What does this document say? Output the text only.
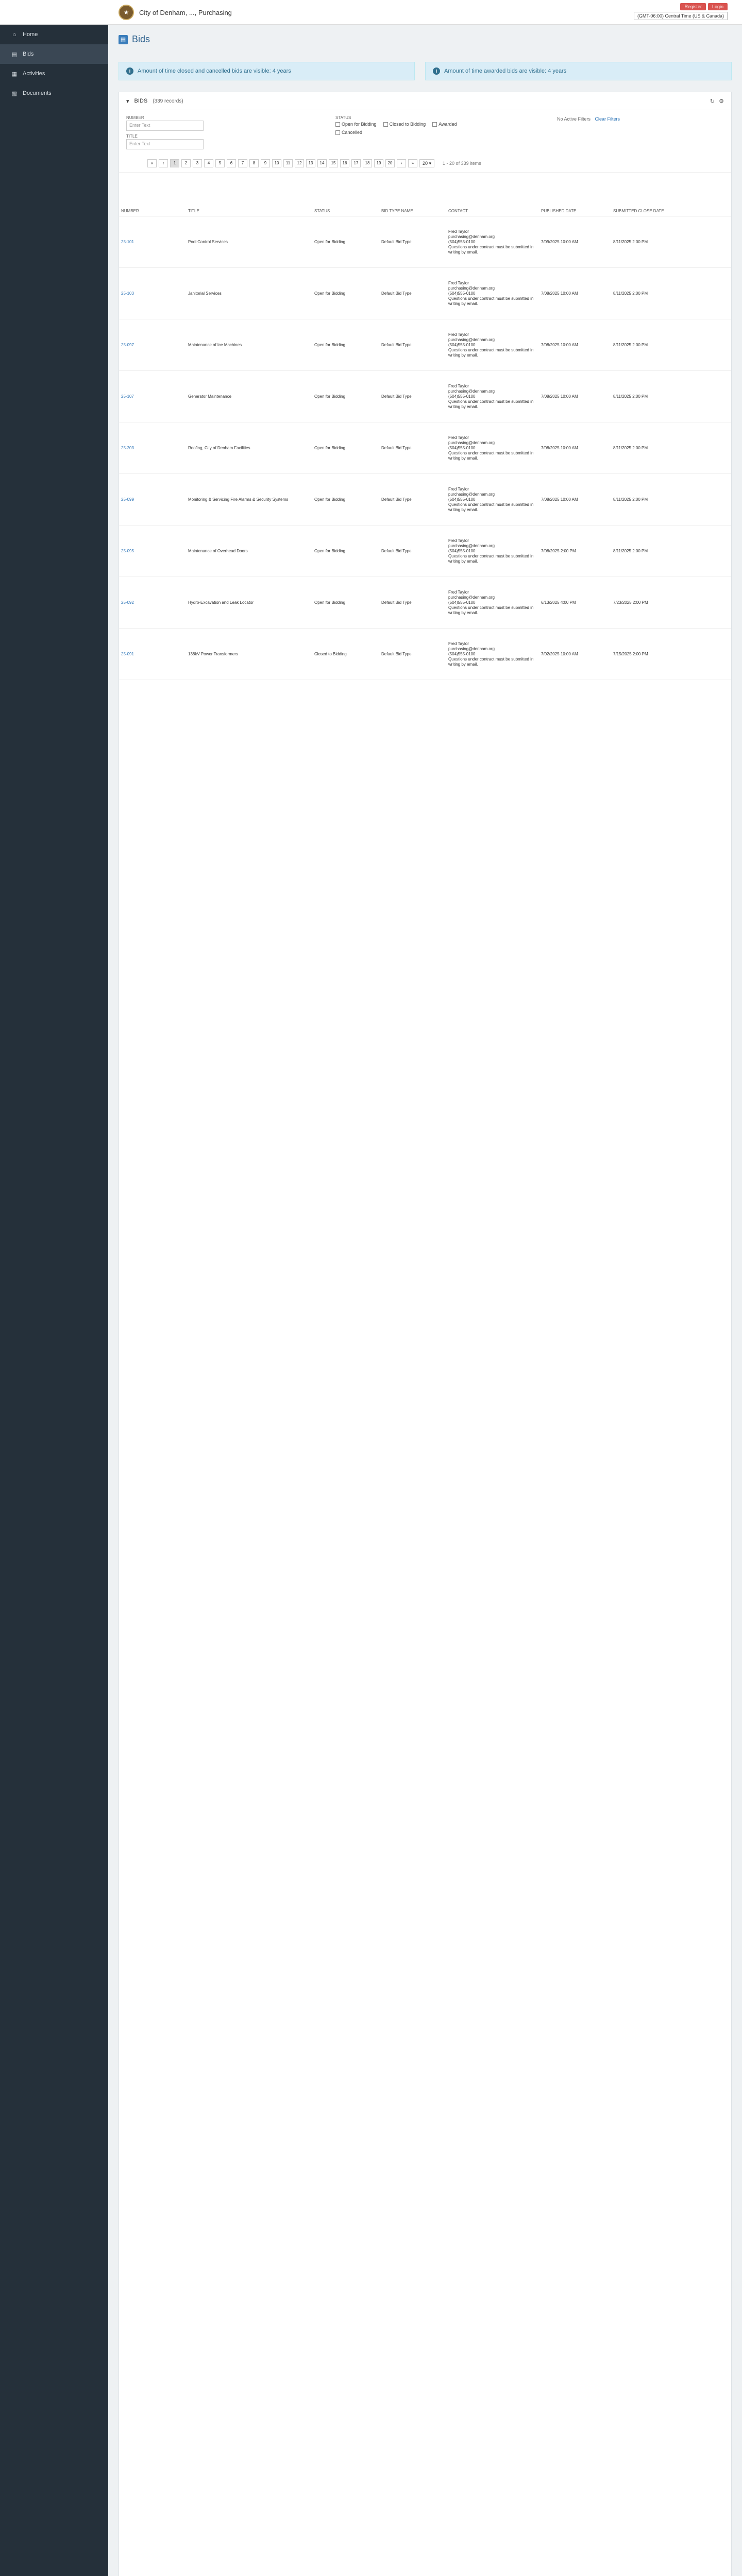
⌂ Home
▤ Bids
▦ Activities
▧ Documents
★	City of Denham, ..., Purchasing
Register	Login
(GMT-06:00) Central Time (US & Canada)
▤ Bids
i	Amount of time closed and cancelled bids are visible: 4 years	i	Amount of time awarded bids are visible: 4 years
▾ BIDS (339 records)	↻ ⚙
NUMBER
Enter Text
TITLE
Enter Text
STATUS
Open for Bidding
	Closed to Bidding
	Awarded
Cancelled
No Active Filters Clear Filters
«	‹	1	2	3	4	5	6	7	8	9	10	11	12	13	14	15	16	17	18	19	20	›	»	20 ▾	1 - 20 of 339 items
NUMBER	TITLE	STATUS	BID TYPE NAME	CONTACT	PUBLISHED DATE	SUBMITTED CLOSE DATE
25-101	Pool Control Services	Open for Bidding	Default Bid Type	Fred Taylor
purchasing@denham.org
(504)555-0100
Questions under contract must be submitted in writing by email.	7/09/2025 10:00 AM	8/11/2025 2:00 PM
25-103	Janitorial Services	Open for Bidding	Default Bid Type	Fred Taylor
purchasing@denham.org
(504)555-0100
Questions under contract must be submitted in writing by email.	7/08/2025 10:00 AM	8/11/2025 2:00 PM
25-097	Maintenance of Ice Machines	Open for Bidding	Default Bid Type	Fred Taylor
purchasing@denham.org
(504)555-0100
Questions under contract must be submitted in writing by email.	7/08/2025 10:00 AM	8/11/2025 2:00 PM
25-107	Generator Maintenance	Open for Bidding	Default Bid Type	Fred Taylor
purchasing@denham.org
(504)555-0100
Questions under contract must be submitted in writing by email.	7/08/2025 10:00 AM	8/11/2025 2:00 PM
25-203	Roofing, City of Denham Facilities	Open for Bidding	Default Bid Type	Fred Taylor
purchasing@denham.org
(504)555-0100
Questions under contract must be submitted in writing by email.	7/08/2025 10:00 AM	8/11/2025 2:00 PM
25-099	Monitoring & Servicing Fire Alarms & Security Systems	Open for Bidding	Default Bid Type	Fred Taylor
purchasing@denham.org
(504)555-0100
Questions under contract must be submitted in writing by email.	7/08/2025 10:00 AM	8/11/2025 2:00 PM
25-095	Maintenance of Overhead Doors	Open for Bidding	Default Bid Type	Fred Taylor
purchasing@denham.org
(504)555-0100
Questions under contract must be submitted in writing by email.	7/08/2025 2:00 PM	8/11/2025 2:00 PM
25-092	Hydro-Excavation and Leak Locator	Open for Bidding	Default Bid Type	Fred Taylor
purchasing@denham.org
(504)555-0100
Questions under contract must be submitted in writing by email.	6/13/2025 4:00 PM	7/23/2025 2:00 PM
25-091	138kV Power Transformers	Closed to Bidding	Default Bid Type	Fred Taylor
purchasing@denham.org
(504)555-0100
Questions under contract must be submitted in writing by email.	7/02/2025 10:00 AM	7/15/2025 2:00 PM
